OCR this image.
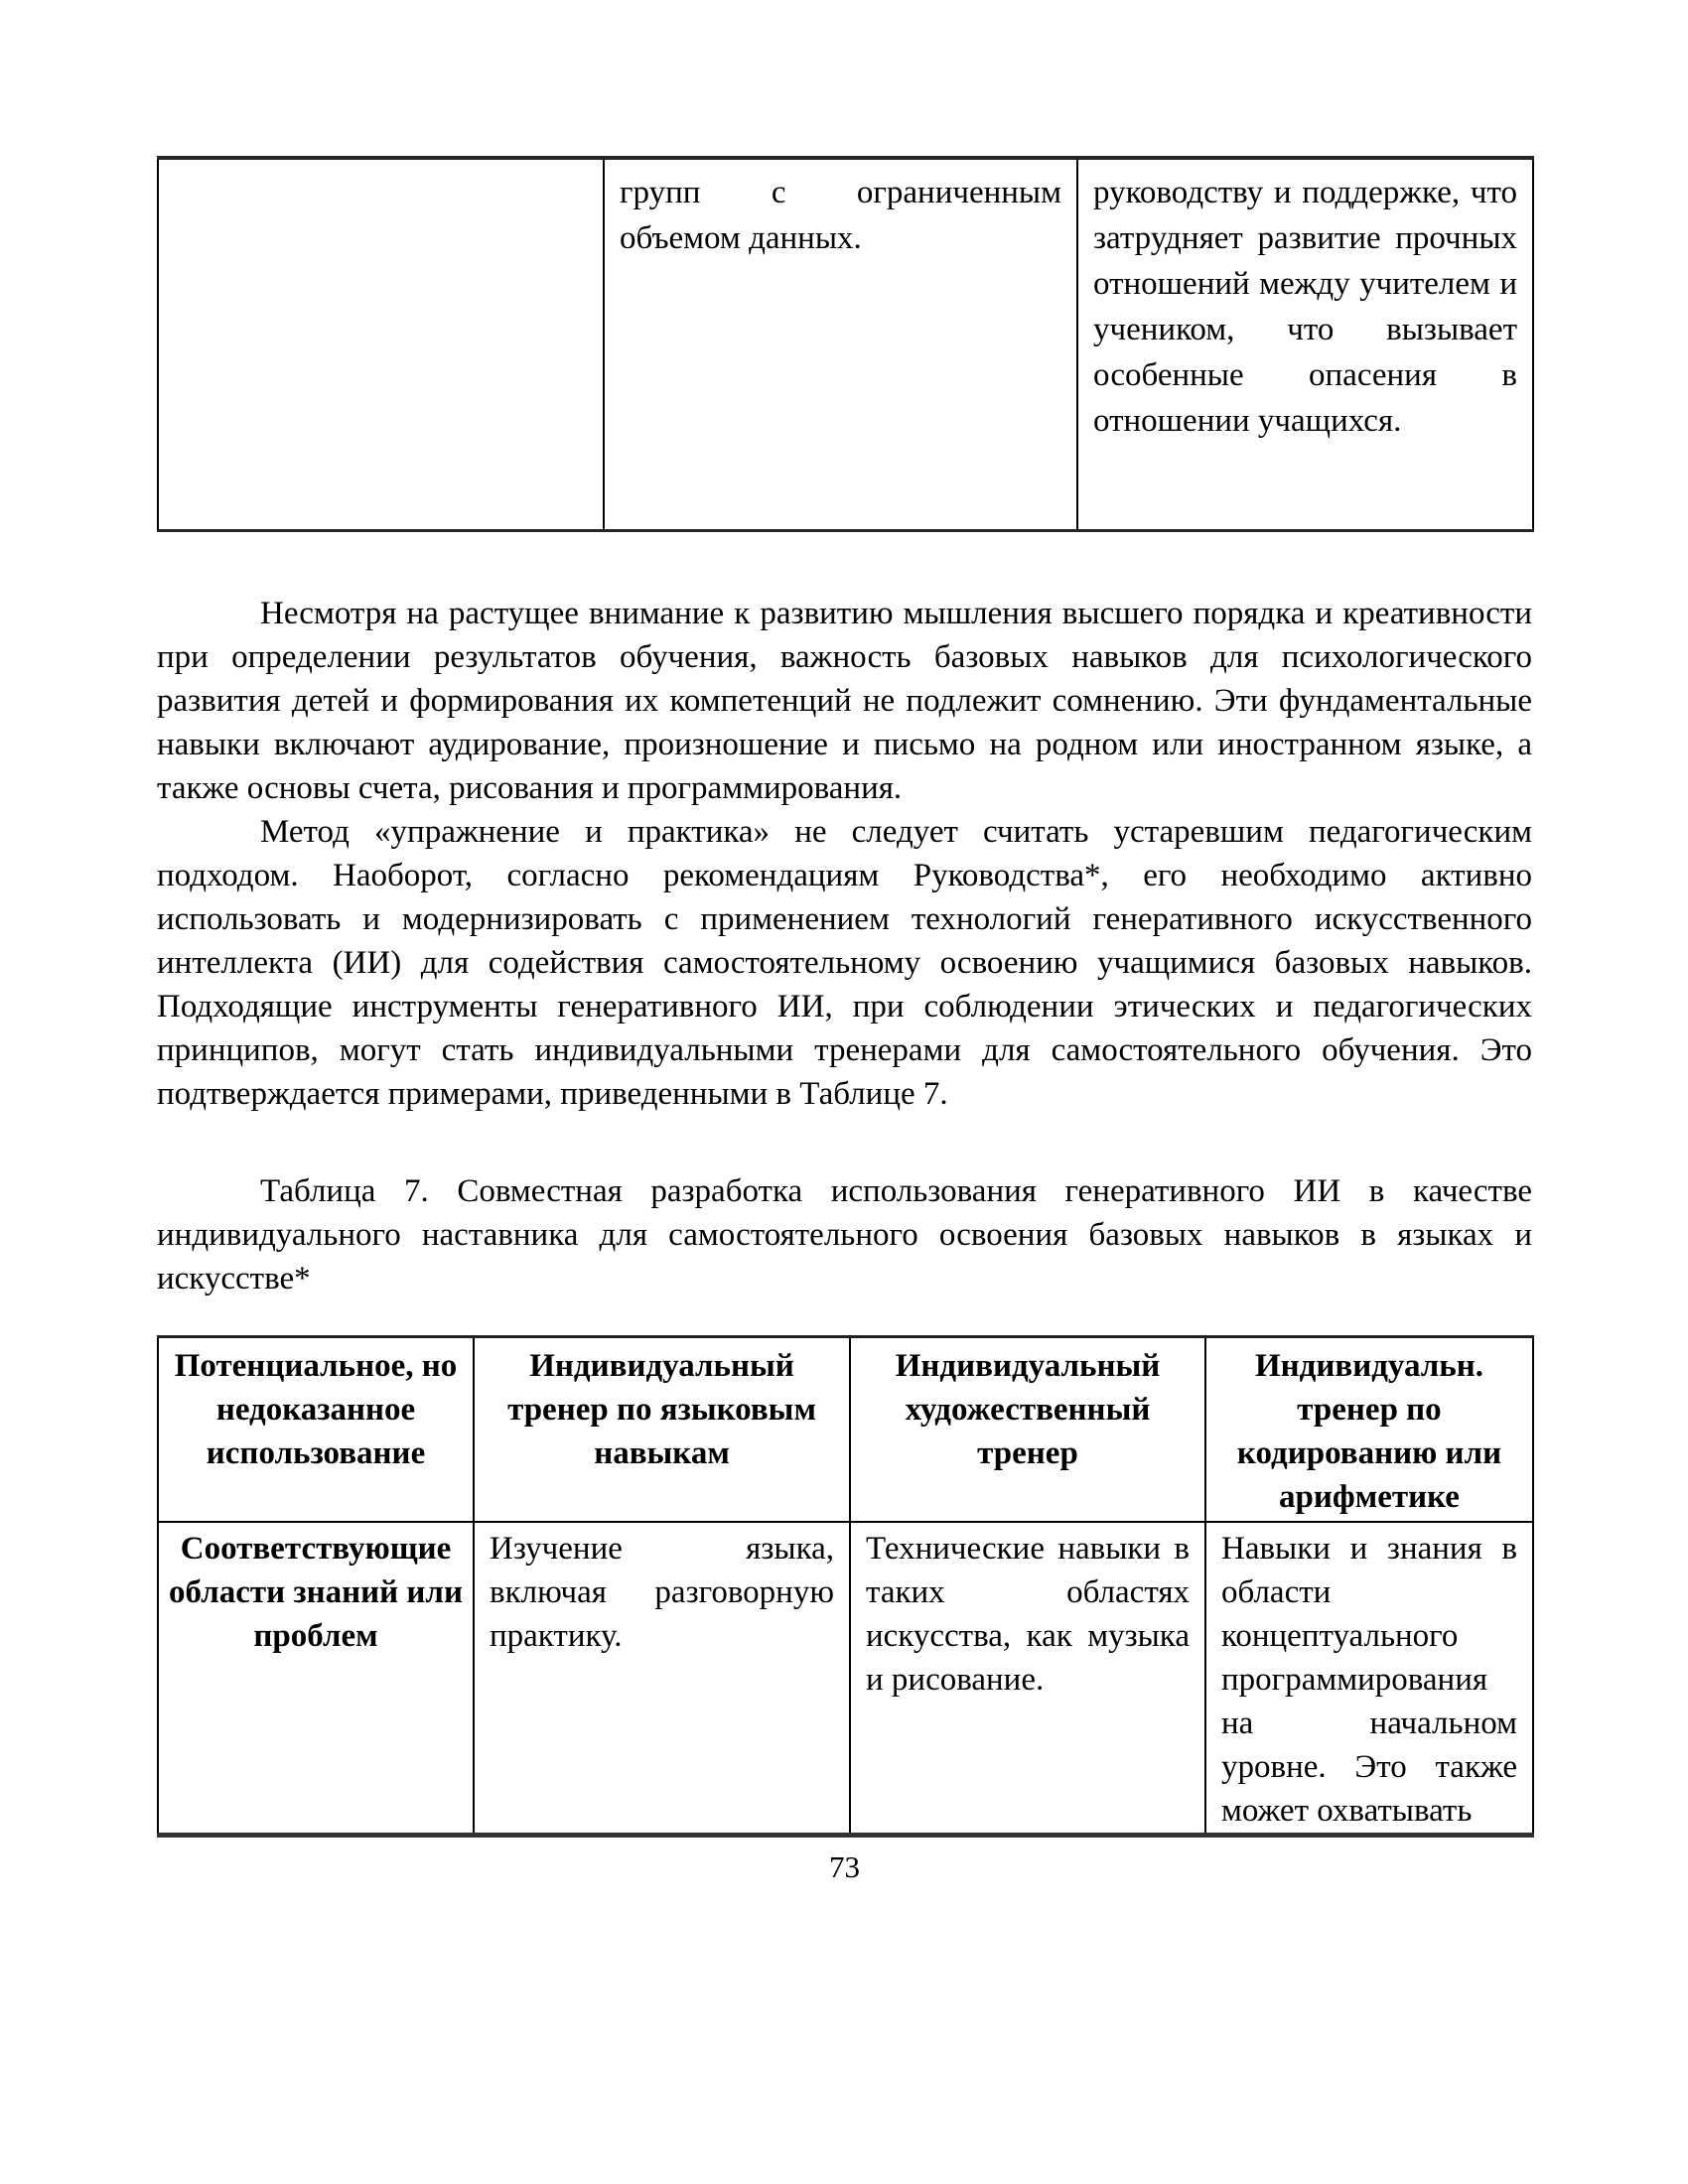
	групп с ограниченным объемом данных.	руководству и поддержке, что затрудняет развитие прочных отношений между учителем и учеником, что вызывает особенные опасения в отношении учащихся.

Несмотря на растущее внимание к развитию мышления высшего порядка и креативности при определении результатов обучения, важность базовых навыков для психологического развития детей и формирования их компетенций не подлежит сомнению. Эти фундаментальные навыки включают аудирование, произношение и письмо на родном или иностранном языке, а также основы счета, рисования и программирования.

Метод «упражнение и практика» не следует считать устаревшим педагогическим подходом. Наоборот, согласно рекомендациям Руководства*, его необходимо активно использовать и модернизировать с применением технологий генеративного искусственного интеллекта (ИИ) для содействия самостоятельному освоению учащимися базовых навыков. Подходящие инструменты генеративного ИИ, при соблюдении этических и педагогических принципов, могут стать индивидуальными тренерами для самостоятельного обучения. Это подтверждается примерами, приведенными в Таблице 7.

Таблица 7. Совместная разработка использования генеративного ИИ в качестве индивидуального наставника для самостоятельного освоения базовых навыков в языках и искусстве*

Потенциальное, но недоказанное использование	Индивидуальный тренер по языковым навыкам	Индивидуальный художественный тренер	Индивидуальн. тренер по кодированию или арифметике

Соответствующие области знаний или проблем	Изучение языка, включая разговорную практику.	Технические навыки в таких областях искусства, как музыка и рисование.	Навыки и знания в области концептуального программирования на начальном уровне. Это также может охватывать
73
